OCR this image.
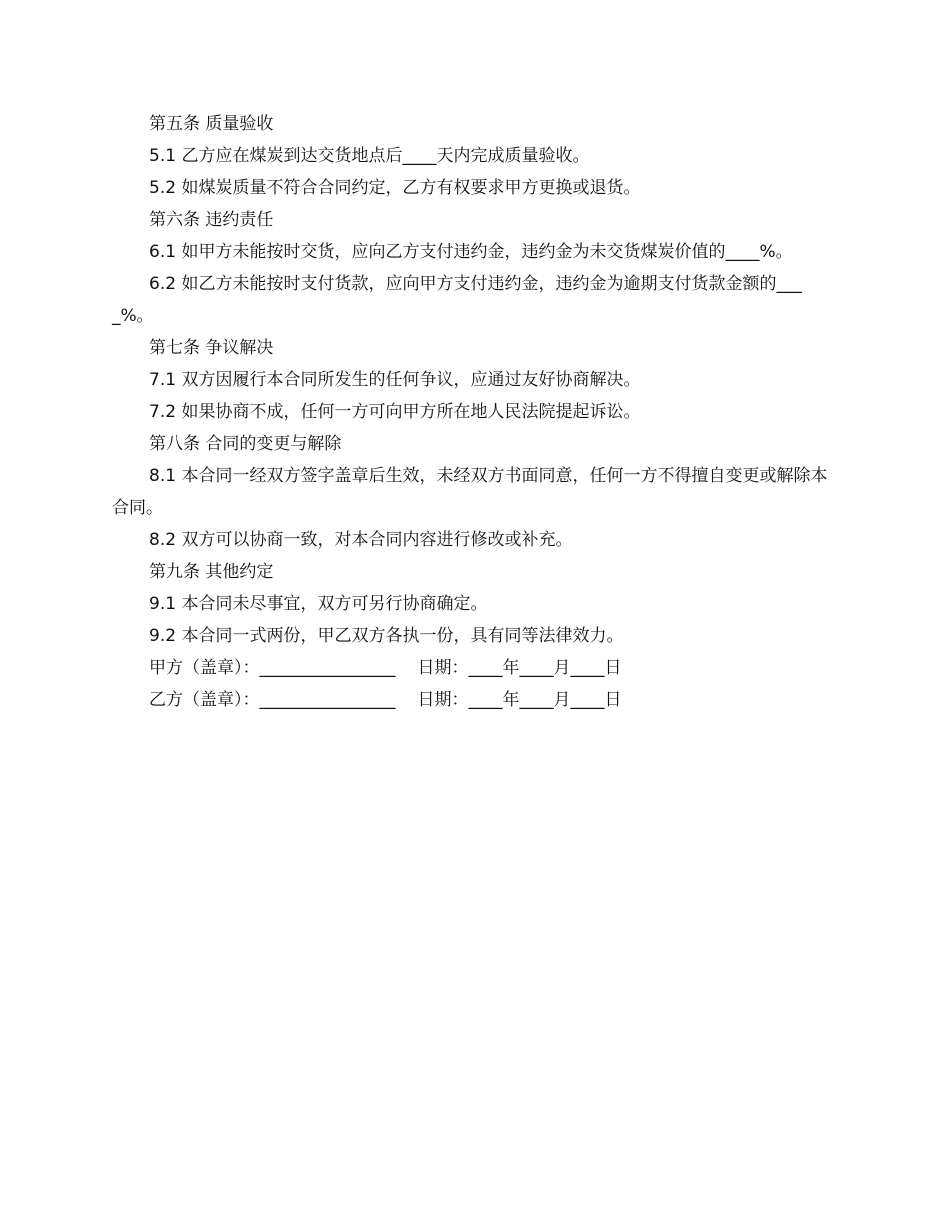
第五条 质量验收

5.1 乙方应在煤炭到达交货地点后____天内完成质量验收。

5.2 如煤炭质量不符合合同约定，乙方有权要求甲方更换或退货。

第六条 违约责任

6.1 如甲方未能按时交货，应向乙方支付违约金，违约金为未交货煤炭价值的____%。

6.2 如乙方未能按时支付货款，应向甲方支付违约金，违约金为逾期支付货款金额的____%。

第七条 争议解决

7.1 双方因履行本合同所发生的任何争议，应通过友好协商解决。

7.2 如果协商不成，任何一方可向甲方所在地人民法院提起诉讼。

第八条 合同的变更与解除

8.1 本合同一经双方签字盖章后生效，未经双方书面同意，任何一方不得擅自变更或解除本合同。

8.2 双方可以协商一致，对本合同内容进行修改或补充。

第九条 其他约定

9.1 本合同未尽事宜，双方可另行协商确定。

9.2 本合同一式两份，甲乙双方各执一份，具有同等法律效力。

甲方（盖章）：________________ 日期：____年____月____日
乙方（盖章）：________________ 日期：____年____月____日
